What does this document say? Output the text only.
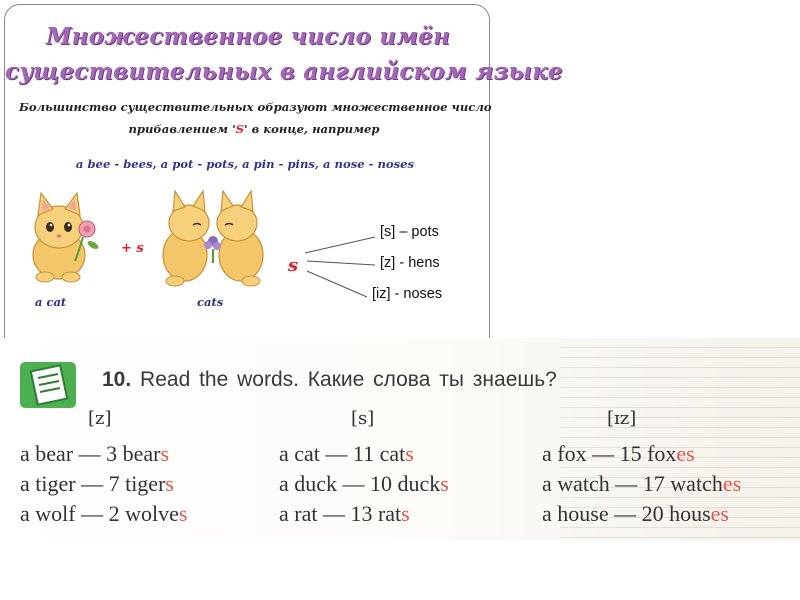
Множественное число имён
существительных в английском языке
Большинство существительных образуют множественное число
прибавлением 'S' в конце, например
a bee - bees, a pot - pots, a pin - pins, a nose - noses
a cat
+ s
cats
s
[s] – pots
[z] - hens
[iz] - noses
10. Read the words. Какие слова ты знаешь?
[z]	[s]	[ɪz]
a bear — 3 bears
a tiger — 7 tigers
a wolf — 2 wolves
a cat — 11 cats
a duck — 10 ducks
a rat — 13 rats
a fox — 15 foxes
a watch — 17 watches
a house — 20 houses
